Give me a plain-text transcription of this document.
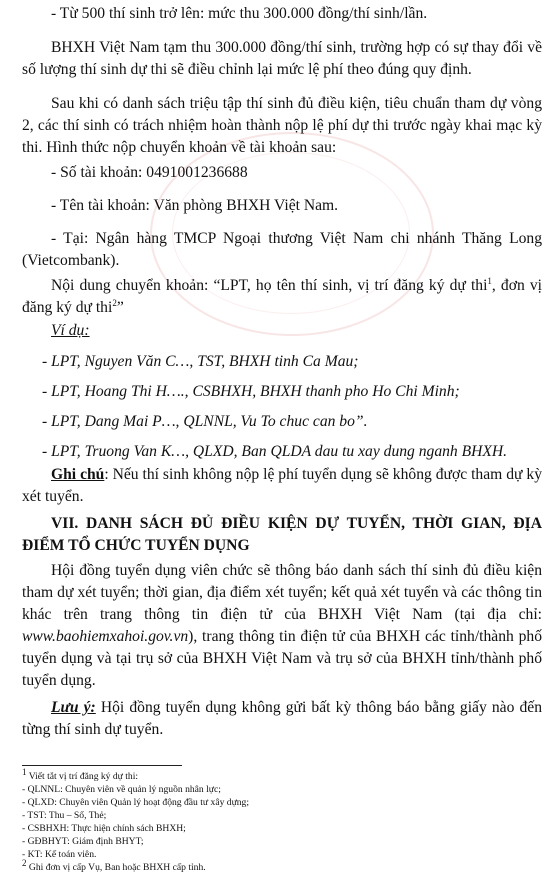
- Từ 500 thí sinh trở lên: mức thu 300.000 đồng/thí sinh/lần.

BHXH Việt Nam tạm thu 300.000 đồng/thí sinh, trường hợp có sự thay đổi về số lượng thí sinh dự thi sẽ điều chỉnh lại mức lệ phí theo đúng quy định.

Sau khi có danh sách triệu tập thí sinh đủ điều kiện, tiêu chuẩn tham dự vòng 2, các thí sinh có trách nhiệm hoàn thành nộp lệ phí dự thi trước ngày khai mạc kỳ thi. Hình thức nộp chuyển khoản về tài khoản sau:

- Số tài khoản: 0491001236688

- Tên tài khoản: Văn phòng BHXH Việt Nam.

- Tại: Ngân hàng TMCP Ngoại thương Việt Nam chi nhánh Thăng Long (Vietcombank).

Nội dung chuyển khoản: “LPT, họ tên thí sinh, vị trí đăng ký dự thi$^1$, đơn vị đăng ký dự thi$^2$”

Ví dụ:

- LPT, Nguyen Văn C…, TST, BHXH tinh Ca Mau;

- LPT, Hoang Thi H…., CSBHXH, BHXH thanh pho Ho Chi Minh;

- LPT, Dang Mai P…, QLNNL, Vu To chuc can bo”.

- LPT, Truong Van K…, QLXD, Ban QLDA dau tu xay dung nganh BHXH.

Ghi chú: Nếu thí sinh không nộp lệ phí tuyển dụng sẽ không được tham dự kỳ xét tuyển.

VII. DANH SÁCH ĐỦ ĐIỀU KIỆN DỰ TUYỂN, THỜI GIAN, ĐỊA ĐIỂM TỔ CHỨC TUYỂN DỤNG

Hội đồng tuyển dụng viên chức sẽ thông báo danh sách thí sinh đủ điều kiện tham dự xét tuyển; thời gian, địa điểm xét tuyển; kết quả xét tuyển và các thông tin khác trên trang thông tin điện tử của BHXH Việt Nam (tại địa chỉ: www.baohiemxahoi.gov.vn), trang thông tin điện tử của BHXH các tỉnh/thành phố tuyển dụng và tại trụ sở của BHXH Việt Nam và trụ sở của BHXH tỉnh/thành phố tuyển dụng.

Lưu ý: Hội đồng tuyển dụng không gửi bất kỳ thông báo bằng giấy nào đến từng thí sinh dự tuyển.

$^1$ Viết tắt vị trí đăng ký dự thi:

- QLNNL: Chuyên viên về quản lý nguồn nhân lực;

- QLXD: Chuyên viên Quản lý hoạt động đầu tư xây dựng;

- TST: Thu – Sổ, Thẻ;

- CSBHXH: Thực hiện chính sách BHXH;

- GĐBHYT: Giám định BHYT;

- KT: Kế toán viên.

$^2$ Ghi đơn vị cấp Vụ, Ban hoặc BHXH cấp tỉnh.
